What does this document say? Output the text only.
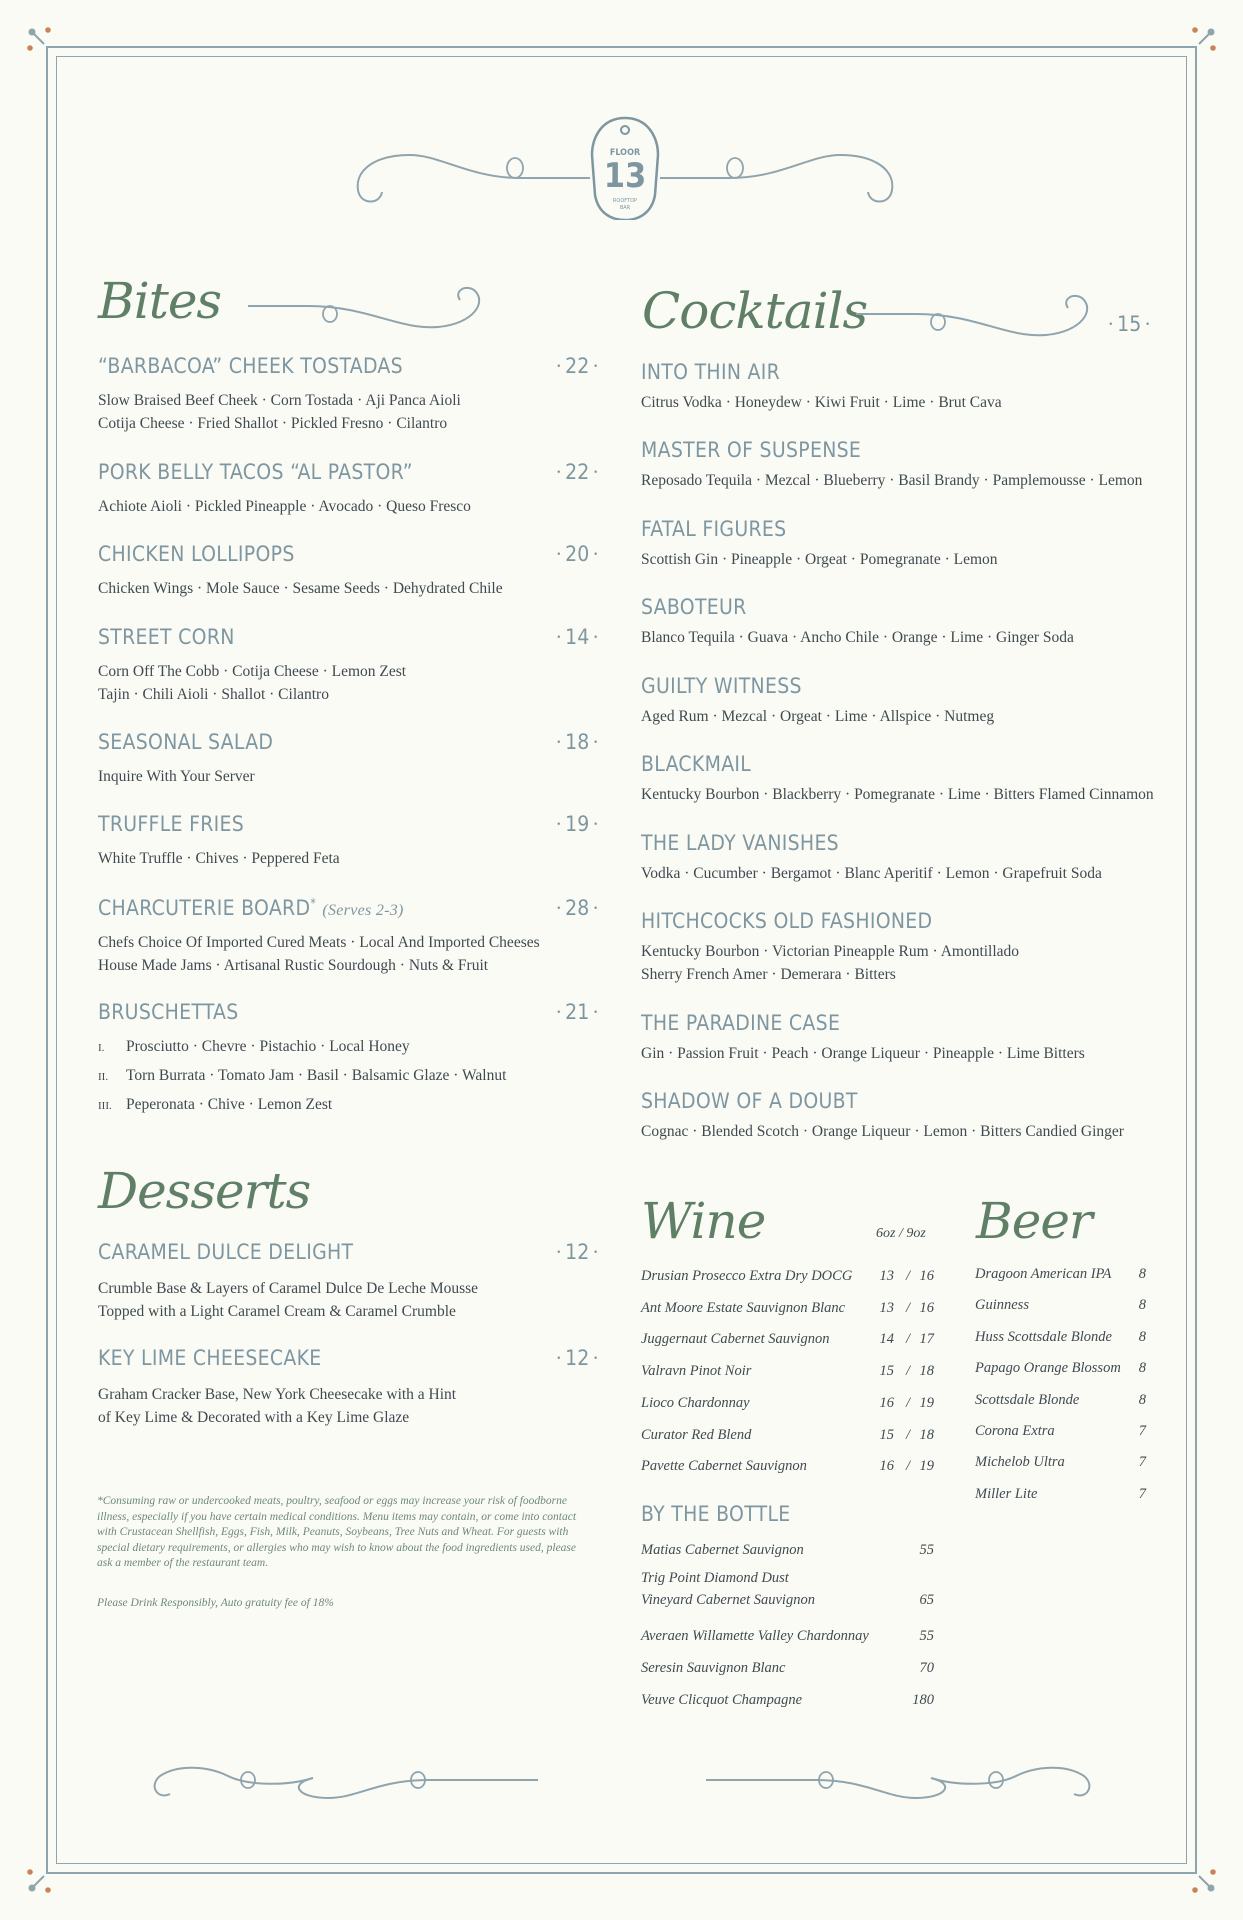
FLOOR
13
ROOFTOP
BAR
Bites
“BARBACOA” CHEEK TOSTADAS	• 22 •
Slow Braised Beef Cheek · Corn Tostada · Aji Panca Aioli
Cotija Cheese · Fried Shallot · Pickled Fresno · Cilantro
PORK BELLY TACOS “AL PASTOR”	• 22 •
Achiote Aioli · Pickled Pineapple · Avocado · Queso Fresco
CHICKEN LOLLIPOPS	• 20 •
Chicken Wings · Mole Sauce · Sesame Seeds · Dehydrated Chile
STREET CORN	• 14 •
Corn Off The Cobb · Cotija Cheese · Lemon Zest
Tajin · Chili Aioli · Shallot · Cilantro
SEASONAL SALAD	• 18 •
Inquire With Your Server
TRUFFLE FRIES	• 19 •
White Truffle · Chives · Peppered Feta
CHARCUTERIE BOARD* (Serves 2-3)	• 28 •
Chefs Choice Of Imported Cured Meats · Local And Imported Cheeses
House Made Jams · Artisanal Rustic Sourdough · Nuts & Fruit
BRUSCHETTAS	• 21 •
I. Prosciutto · Chevre · Pistachio · Local Honey
II. Torn Burrata · Tomato Jam · Basil · Balsamic Glaze · Walnut
III. Peperonata · Chive · Lemon Zest
Desserts
CARAMEL DULCE DELIGHT	• 12 •
Crumble Base & Layers of Caramel Dulce De Leche Mousse
Topped with a Light Caramel Cream & Caramel Crumble
KEY LIME CHEESECAKE	• 12 •
Graham Cracker Base, New York Cheesecake with a Hint
of Key Lime & Decorated with a Key Lime Glaze
*Consuming raw or undercooked meats, poultry, seafood or eggs may increase your risk of foodborne illness, especially if you have certain medical conditions. Menu items may contain, or come into contact with Crustacean Shellfish, Eggs, Fish, Milk, Peanuts, Soybeans, Tree Nuts and Wheat. For guests with special dietary requirements, or allergies who may wish to know about the food ingredients used, please ask a member of the restaurant team.
Please Drink Responsibly, Auto gratuity fee of 18%
Cocktails	• 15 •
INTO THIN AIR
Citrus Vodka · Honeydew · Kiwi Fruit · Lime · Brut Cava
MASTER OF SUSPENSE
Reposado Tequila · Mezcal · Blueberry · Basil Brandy · Pamplemousse · Lemon
FATAL FIGURES
Scottish Gin · Pineapple · Orgeat · Pomegranate · Lemon
SABOTEUR
Blanco Tequila · Guava · Ancho Chile · Orange · Lime · Ginger Soda
GUILTY WITNESS
Aged Rum · Mezcal · Orgeat · Lime · Allspice · Nutmeg
BLACKMAIL
Kentucky Bourbon · Blackberry · Pomegranate · Lime · Bitters Flamed Cinnamon
THE LADY VANISHES
Vodka · Cucumber · Bergamot · Blanc Aperitif · Lemon · Grapefruit Soda
HITCHCOCKS OLD FASHIONED
Kentucky Bourbon · Victorian Pineapple Rum · Amontillado
Sherry French Amer · Demerara · Bitters
THE PARADINE CASE
Gin · Passion Fruit · Peach · Orange Liqueur · Pineapple · Lime Bitters
SHADOW OF A DOUBT
Cognac · Blended Scotch · Orange Liqueur · Lemon · Bitters Candied Ginger
Wine	6oz / 9oz
Drusian Prosecco Extra Dry DOCG	13 / 16
Ant Moore Estate Sauvignon Blanc	13 / 16
Juggernaut Cabernet Sauvignon	14 / 17
Valravn Pinot Noir	15 / 18
Lioco Chardonnay	16 / 19
Curator Red Blend	15 / 18
Pavette Cabernet Sauvignon	16 / 19
BY THE BOTTLE
Matias Cabernet Sauvignon	55
Trig Point Diamond Dust
Vineyard Cabernet Sauvignon	65
Averaen Willamette Valley Chardonnay	55
Seresin Sauvignon Blanc	70
Veuve Clicquot Champagne	180
Beer
Dragoon American IPA	8
Guinness	8
Huss Scottsdale Blonde	8
Papago Orange Blossom	8
Scottsdale Blonde	8
Corona Extra	7
Michelob Ultra	7
Miller Lite	7
